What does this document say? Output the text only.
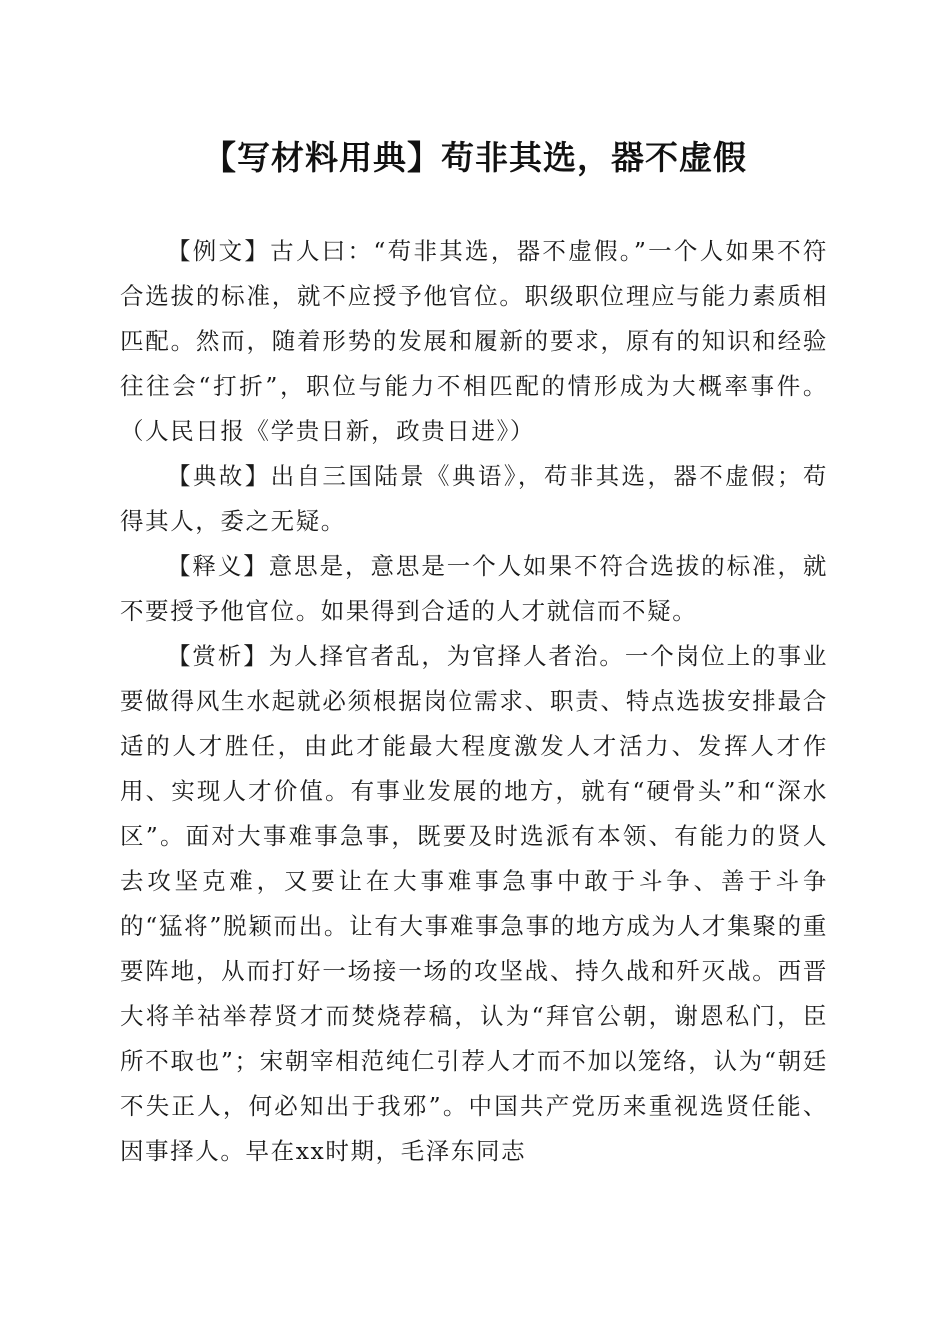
【写材料用典】苟非其选，器不虚假

【例文】古人曰：“苟非其选，器不虚假。”一个人如果不符合选拔的标准，就不应授予他官位。职级职位理应与能力素质相匹配。然而，随着形势的发展和履新的要求，原有的知识和经验往往会“打折”，职位与能力不相匹配的情形成为大概率事件。（人民日报《学贵日新，政贵日进》）

【典故】出自三国陆景《典语》，苟非其选，器不虚假；苟得其人，委之无疑。

【释义】意思是，意思是一个人如果不符合选拔的标准，就不要授予他官位。如果得到合适的人才就信而不疑。

【赏析】为人择官者乱，为官择人者治。一个岗位上的事业要做得风生水起就必须根据岗位需求、职责、特点选拔安排最合适的人才胜任，由此才能最大程度激发人才活力、发挥人才作用、实现人才价值。有事业发展的地方，就有“硬骨头”和“深水区”。面对大事难事急事，既要及时选派有本领、有能力的贤人去攻坚克难，又要让在大事难事急事中敢于斗争、善于斗争的“猛将”脱颖而出。让有大事难事急事的地方成为人才集聚的重要阵地，从而打好一场接一场的攻坚战、持久战和歼灭战。西晋大将羊祜举荐贤才而焚烧荐稿，认为“拜官公朝，谢恩私门，臣所不取也”；宋朝宰相范纯仁引荐人才而不加以笼络，认为“朝廷不失正人，何必知出于我邪”。中国共产党历来重视选贤任能、因事择人。早在xx时期，毛泽东同志
